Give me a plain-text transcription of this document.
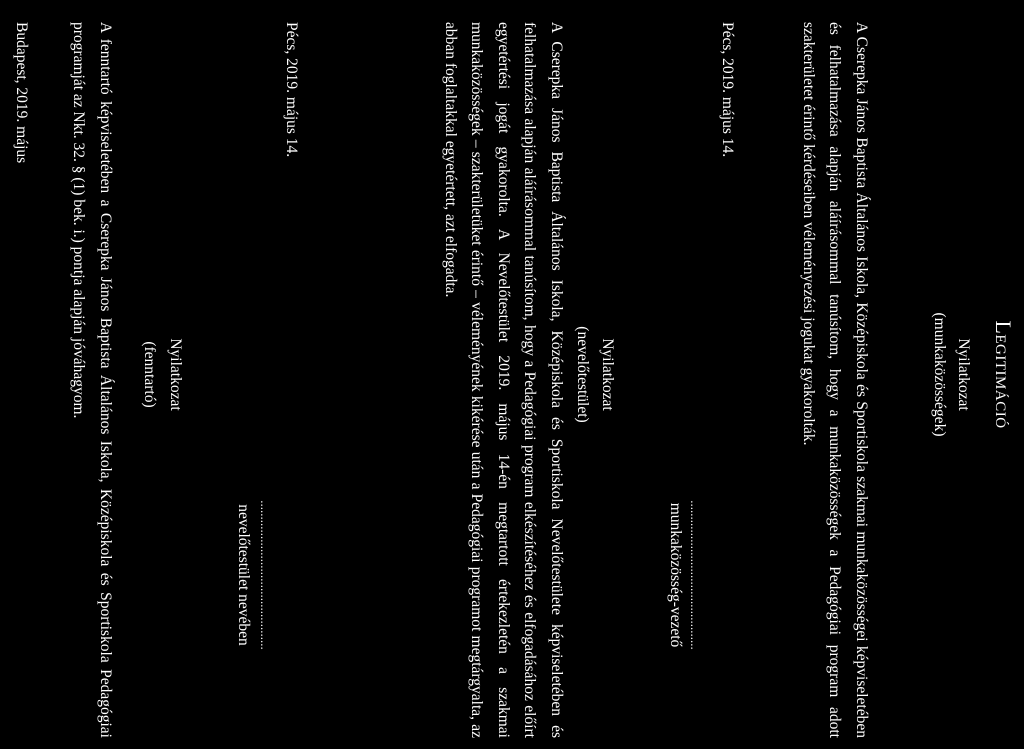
Legitimáció
Nyilatkozat
(munkaközösségek)
A Cserepka János Baptista Általános Iskola, Középiskola és Sportiskola szakmai munkaközösségei képviseletében és felhatalmazása alapján aláírásommal tanúsítom, hogy a munkaközösségek a Pedagógiai program adott szakterületet érintő kérdéseiben véleményezési jogukat gyakorolták.
Pécs, 2019. május 14.
..............................................
munkaközösség-vezető
Nyilatkozat
(nevelőtestület)
A Cserepka János Baptista Általános Iskola, Középiskola és Sportiskola Nevelőtestülete képviseletében és felhatalmazása alapján aláírásommal tanúsítom, hogy a Pedagógiai program elkészítéséhez és elfogadásához előírt egyetértési jogát gyakorolta. A Nevelőtestület 2019. május 14-én megtartott értekezletén a szakmai munkaközösségek – szakterületüket érintő – véleményének kikérése után a Pedagógiai programot megtárgyalta, az abban foglaltakkal egyetértett, azt elfogadta.
Pécs, 2019. május 14.
..............................................
nevelőtestület nevében
Nyilatkozat
(fenntartó)
A fenntartó képviseletében a Cserepka János Baptista Általános Iskola, Középiskola és Sportiskola Pedagógiai programját az Nkt. 32. § (1) bek. i.) pontja alapján jóváhagyom.
Budapest, 2019. május
